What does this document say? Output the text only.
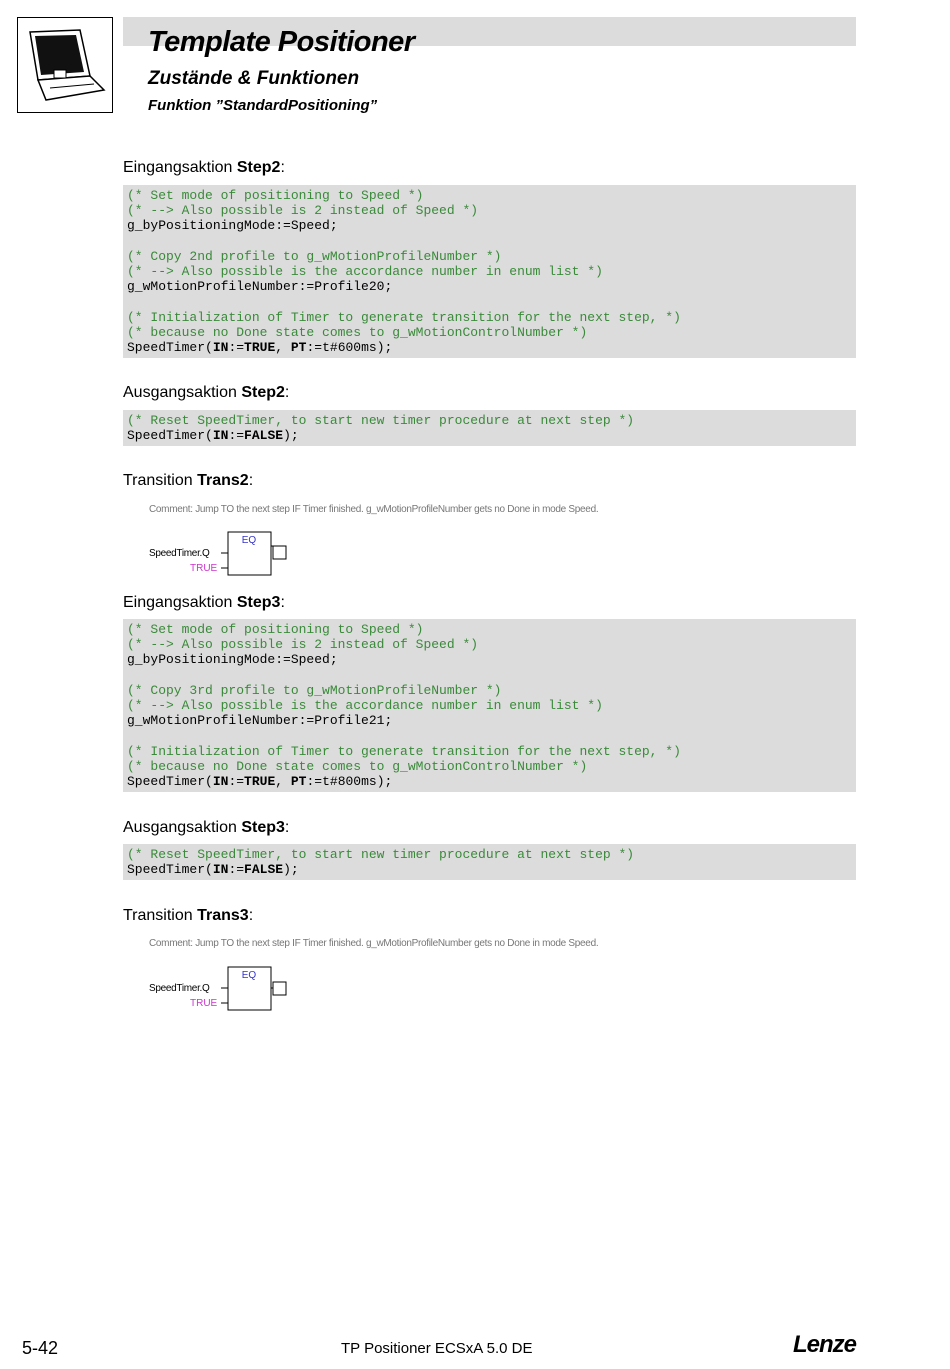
Template Positioner
Zustände & Funktionen
Funktion ”StandardPositioning”
Eingangsaktion Step2:
(* Set mode of positioning to Speed *)
(* --> Also possible is 2 instead of Speed *)
g_byPositioningMode:=Speed;

(* Copy 2nd profile to g_wMotionProfileNumber *)
(* --> Also possible is the accordance number in enum list *)
g_wMotionProfileNumber:=Profile20;

(* Initialization of Timer to generate transition for the next step, *)
(* because no Done state comes to g_wMotionControlNumber *)
SpeedTimer(IN:=TRUE, PT:=t#600ms);
Ausgangsaktion Step2:
(* Reset SpeedTimer, to start new timer procedure at next step *)
SpeedTimer(IN:=FALSE);
Transition Trans2:
Comment: Jump TO the next step IF Timer finished. g_wMotionProfileNumber gets no Done in mode Speed.
EQ
SpeedTimer.Q
TRUE
Eingangsaktion Step3:
(* Set mode of positioning to Speed *)
(* --> Also possible is 2 instead of Speed *)
g_byPositioningMode:=Speed;

(* Copy 3rd profile to g_wMotionProfileNumber *)
(* --> Also possible is the accordance number in enum list *)
g_wMotionProfileNumber:=Profile21;

(* Initialization of Timer to generate transition for the next step, *)
(* because no Done state comes to g_wMotionControlNumber *)
SpeedTimer(IN:=TRUE, PT:=t#800ms);
Ausgangsaktion Step3:
(* Reset SpeedTimer, to start new timer procedure at next step *)
SpeedTimer(IN:=FALSE);
Transition Trans3:
Comment: Jump TO the next step IF Timer finished. g_wMotionProfileNumber gets no Done in mode Speed.
EQ
SpeedTimer.Q
TRUE
5-42	TP Positioner ECSxA 5.0 DE	Lenze
